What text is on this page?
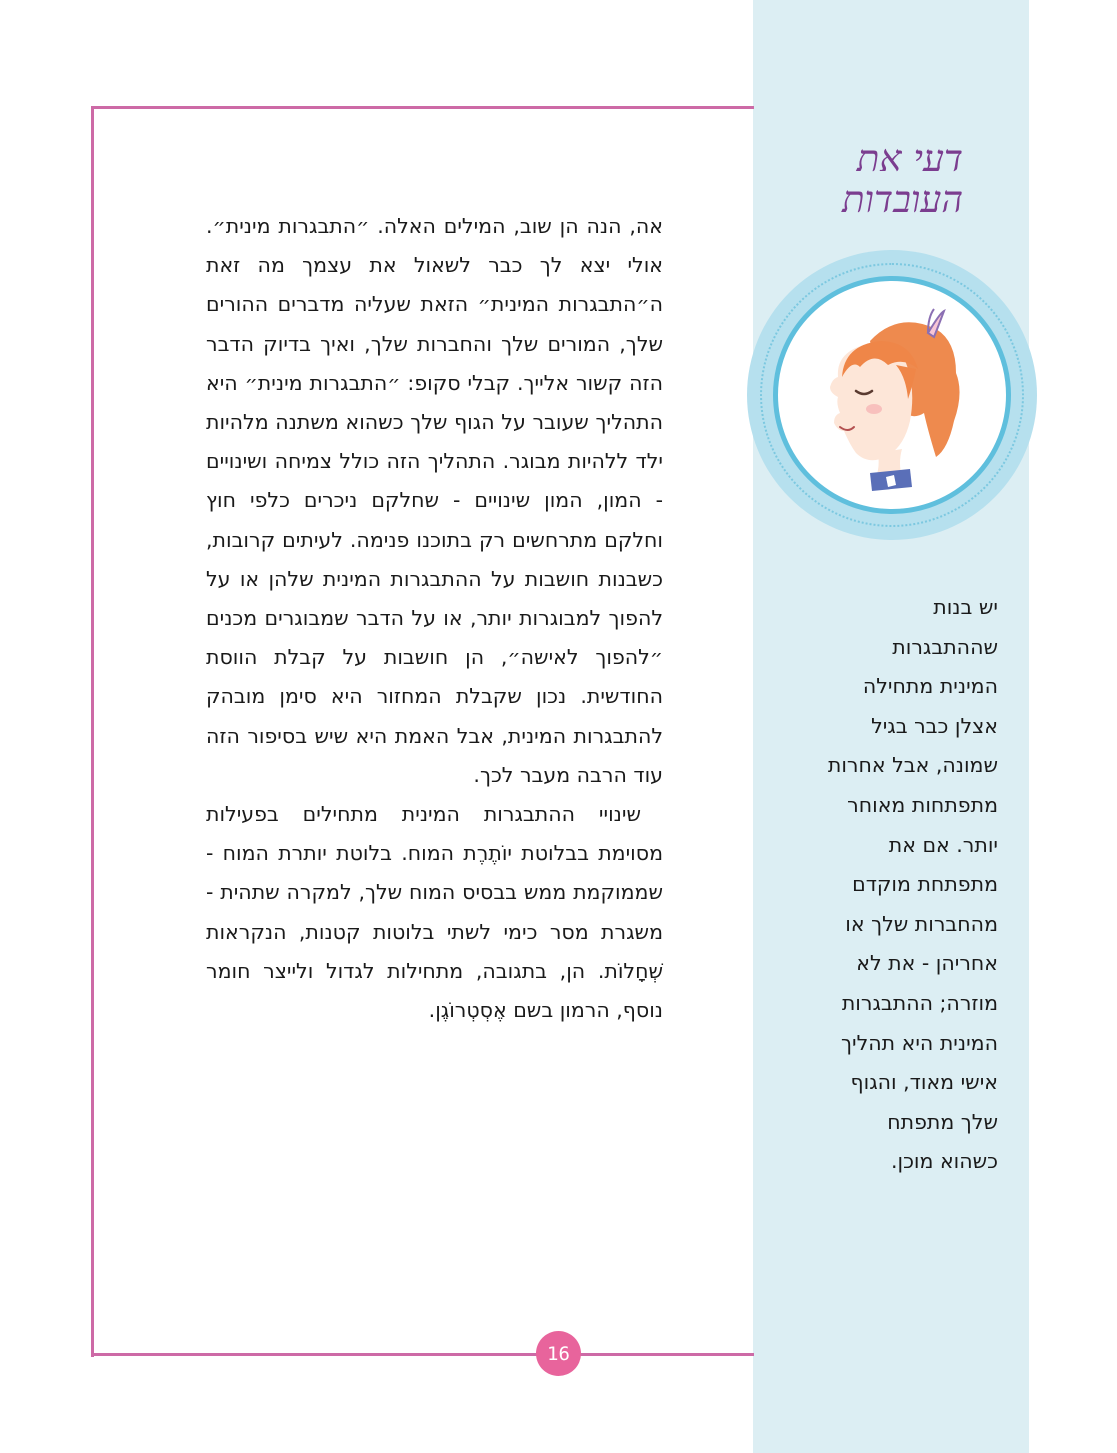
16

אה, הנה הן שוב, המילים האלה. ״התבגרות מינית״. אולי יצא לך כבר לשאול את עצמך מה זאת ה״התבגרות המינית״ הזאת שעליה מדברים ההורים שלך, המורים שלך והחברות שלך, ואיך בדיוק הדבר הזה קשור אלייך. קבלי סקופ: ״התבגרות מינית״ היא התהליך שעובר על הגוף שלך כשהוא משתנה מלהיות ילד ללהיות מבוגר. התהליך הזה כולל צמיחה ושינויים - המון, המון שינויים - שחלקם ניכרים כלפי חוץ וחלקם מתרחשים רק בתוכנו פנימה. לעיתים קרובות, כשבנות חושבות על ההתבגרות המינית שלהן או על להפוך למבוגרות יותר, או על הדבר שמבוגרים מכנים ״להפוך לאישה״, הן חושבות על קבלת הווסת החודשית. נכון שקבלת המחזור היא סימן מובהק להתבגרות המינית, אבל האמת היא שיש בסיפור הזה עוד הרבה מעבר לכך.

שינויי ההתבגרות המינית מתחילים בפעילות מסוימת בבלוטת יוֹתֶרֶת המוח. בלוטת יותרת המוח - שממוקמת ממש בבסיס המוח שלך, למקרה שתהית - משגרת מסר כימי לשתי בלוטות קטנות, הנקראות שְׁחָלוֹת. הן, בתגובה, מתחילות לגדול ולייצר חומר נוסף, הרמון בשם אֶסְטְרוֹגֶן.

דעי את
העובדות
יש בנות
שההתבגרות
המינית מתחילה
אצלן כבר בגיל
שמונה, אבל אחרות
מתפתחות מאוחר
יותר. אם את
מתפתחת מוקדם
מהחברות שלך או
אחריהן - את לא
מוזרה; ההתבגרות
המינית היא תהליך
אישי מאוד, והגוף
שלך מתפתח
כשהוא מוכן.
